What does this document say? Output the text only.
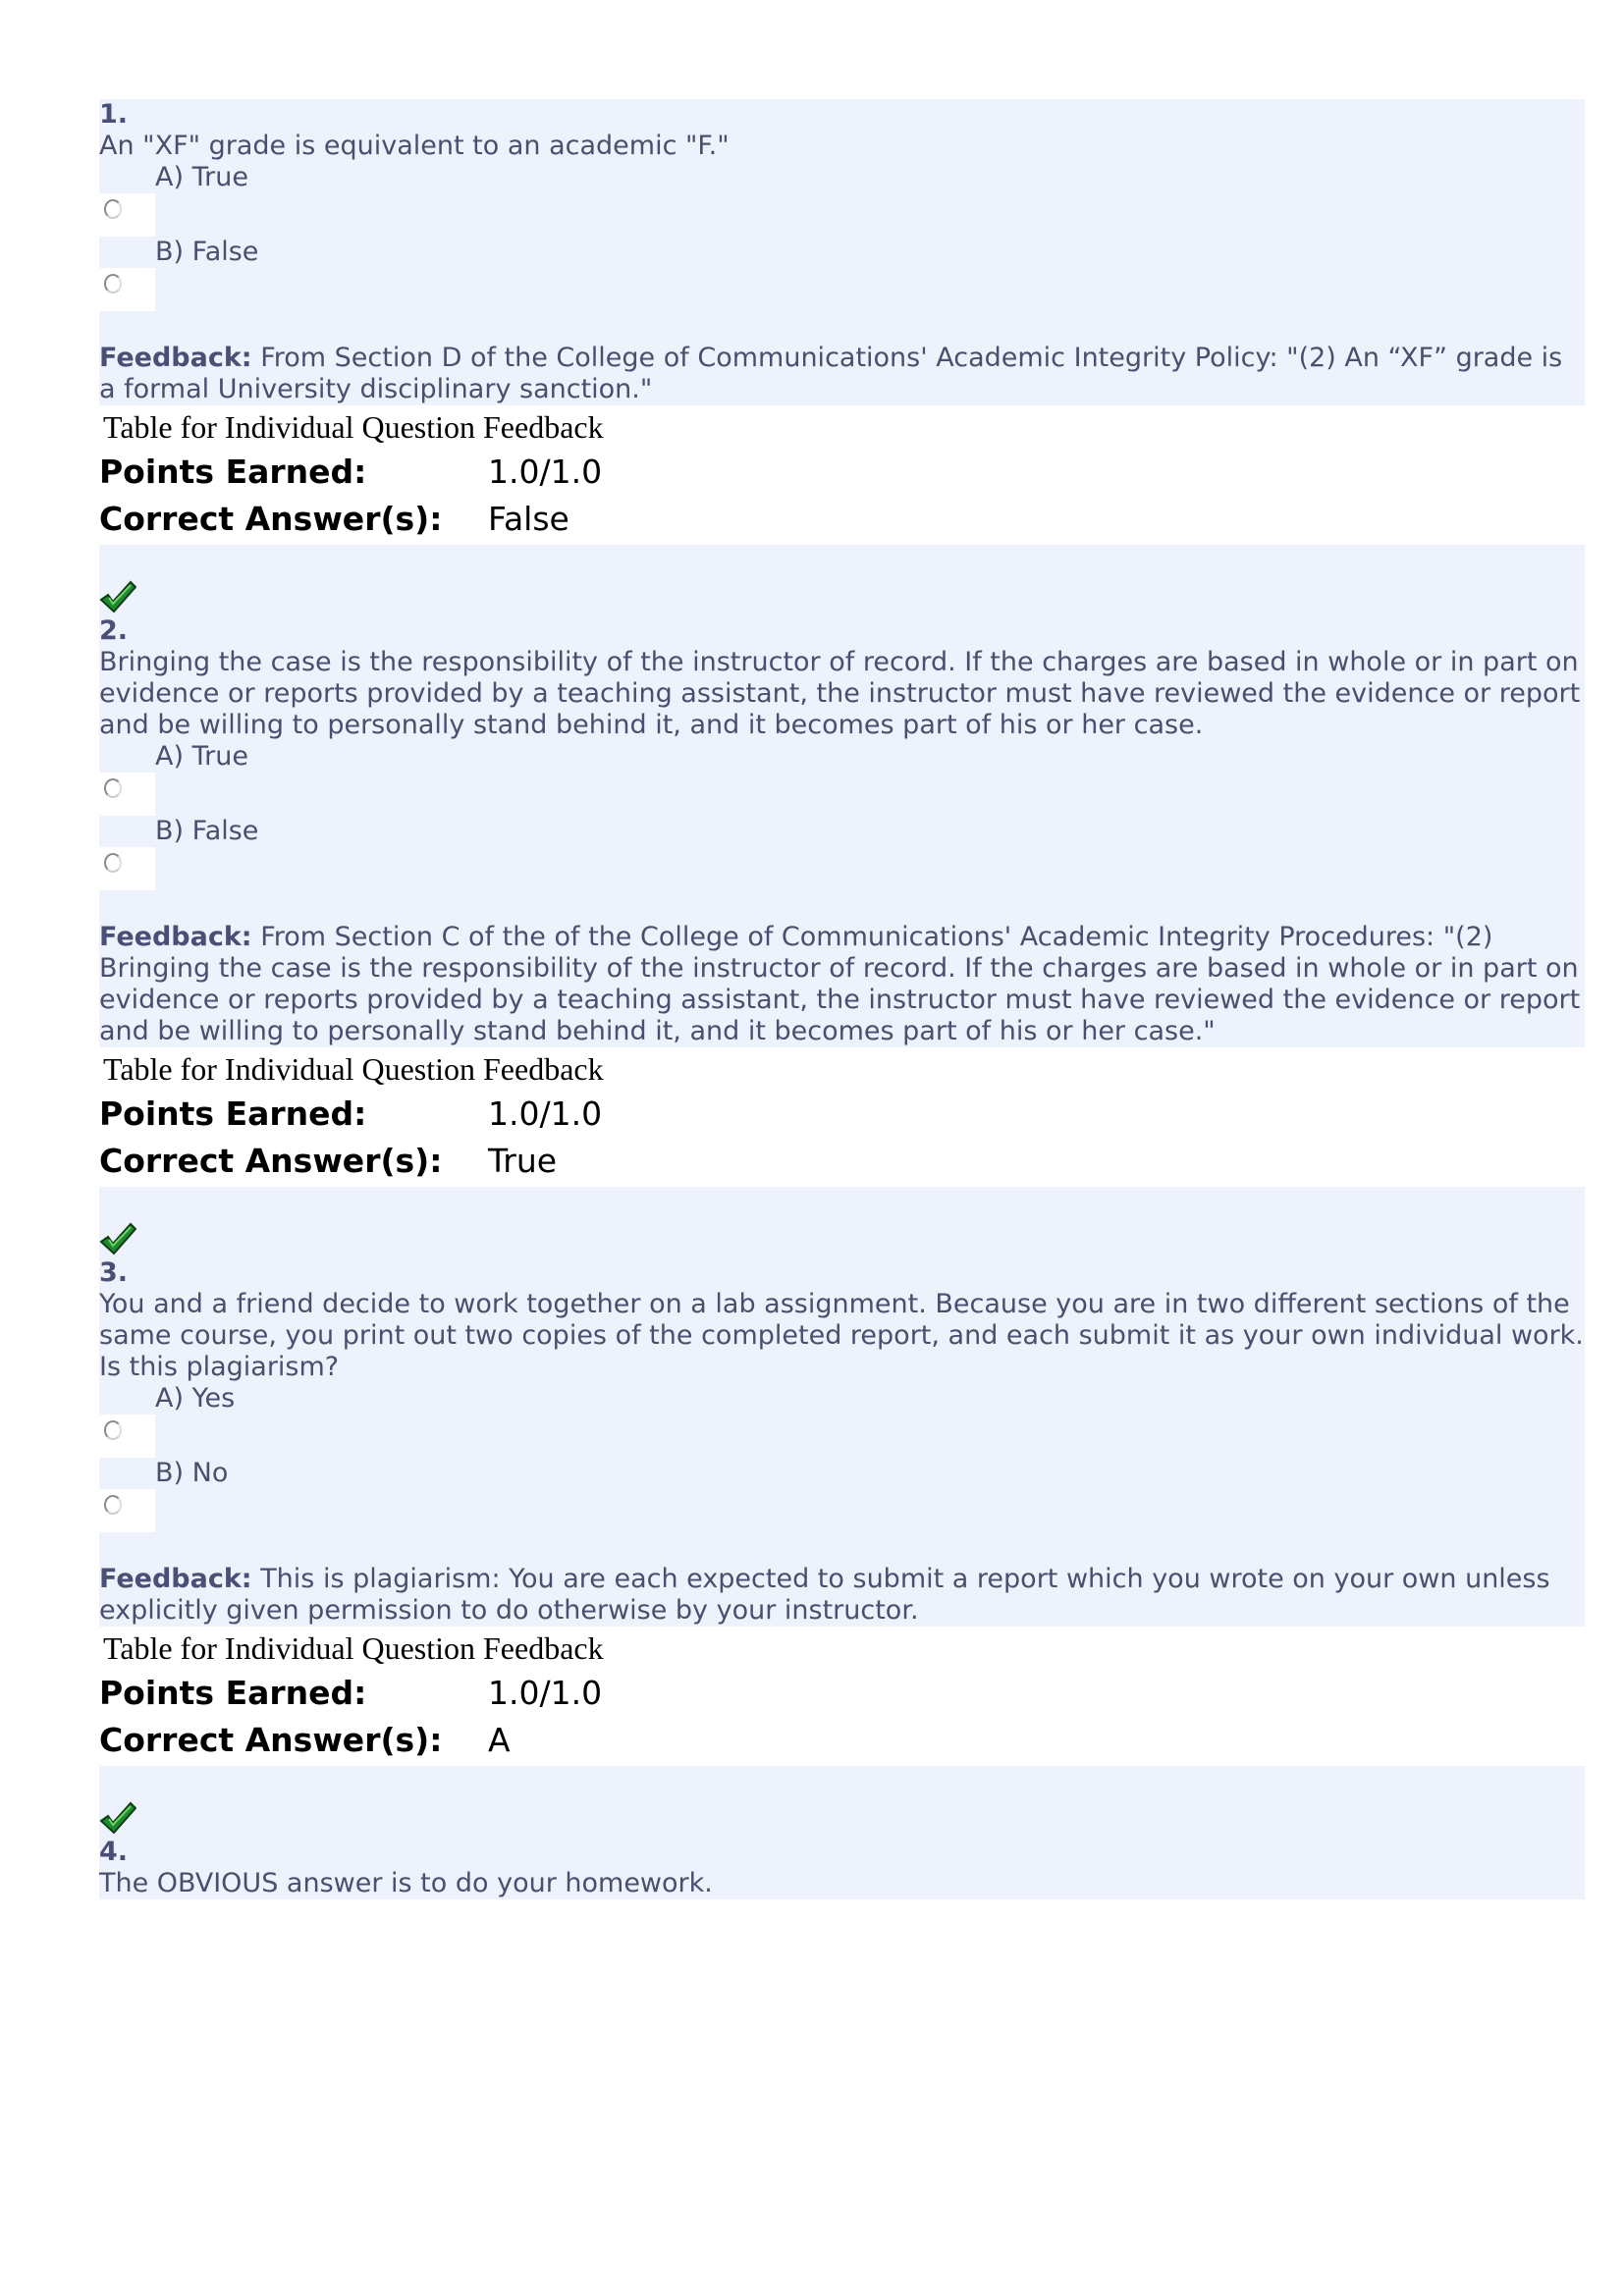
1.
An "XF" grade is equivalent to an academic "F."
A) True
B) False
Feedback: From Section D of the College of Communications' Academic Integrity Policy: "(2) An “XF” grade is a formal University disciplinary sanction."
Table for Individual Question Feedback
Points Earned:	1.0/1.0
Correct Answer(s):	False
2.
Bringing the case is the responsibility of the instructor of record. If the charges are based in whole or in part on evidence or reports provided by a teaching assistant, the instructor must have reviewed the evidence or report and be willing to personally stand behind it, and it becomes part of his or her case.
A) True
B) False
Feedback: From Section C of the of the College of Communications' Academic Integrity Procedures: "(2) Bringing the case is the responsibility of the instructor of record. If the charges are based in whole or in part on evidence or reports provided by a teaching assistant, the instructor must have reviewed the evidence or report and be willing to personally stand behind it, and it becomes part of his or her case."
Table for Individual Question Feedback
Points Earned:	1.0/1.0
Correct Answer(s):	True
3.
You and a friend decide to work together on a lab assignment. Because you are in two different sections of the same course, you print out two copies of the completed report, and each submit it as your own individual work. Is this plagiarism?
A) Yes
B) No
Feedback: This is plagiarism: You are each expected to submit a report which you wrote on your own unless explicitly given permission to do otherwise by your instructor.
Table for Individual Question Feedback
Points Earned:	1.0/1.0
Correct Answer(s):	A
4.
The OBVIOUS answer is to do your homework.
